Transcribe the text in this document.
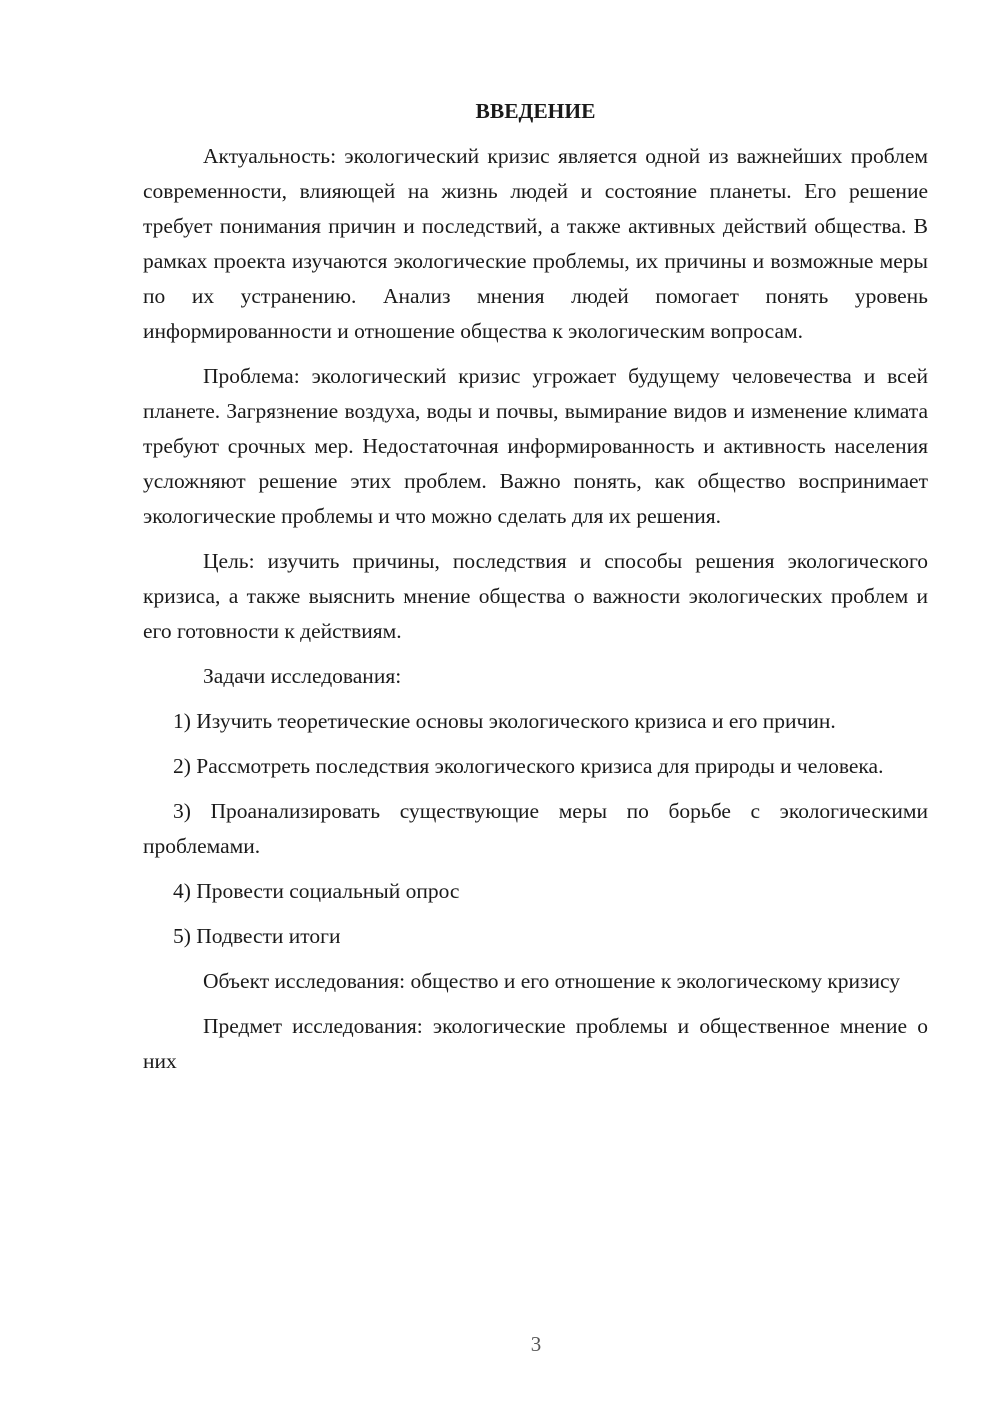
ВВЕДЕНИЕ

Актуальность: экологический кризис является одной из важнейших проблем современности, влияющей на жизнь людей и состояние планеты. Его решение требует понимания причин и последствий, а также активных действий общества. В рамках проекта изучаются экологические проблемы, их причины и возможные меры по их устранению. Анализ мнения людей помогает понять уровень информированности и отношение общества к экологическим вопросам.

Проблема: экологический кризис угрожает будущему человечества и всей планете. Загрязнение воздуха, воды и почвы, вымирание видов и изменение климата требуют срочных мер. Недостаточная информированность и активность населения усложняют решение этих проблем. Важно понять, как общество воспринимает экологические проблемы и что можно сделать для их решения.

Цель: изучить причины, последствия и способы решения экологического кризиса, а также выяснить мнение общества о важности экологических проблем и его готовности к действиям.

Задачи исследования:

1) Изучить теоретические основы экологического кризиса и его причин.

2) Рассмотреть последствия экологического кризиса для природы и человека.

3) Проанализировать существующие меры по борьбе с экологическими проблемами.

4) Провести социальный опрос

5) Подвести итоги

Объект исследования: общество и его отношение к экологическому кризису

Предмет исследования: экологические проблемы и общественное мнение о них

3
